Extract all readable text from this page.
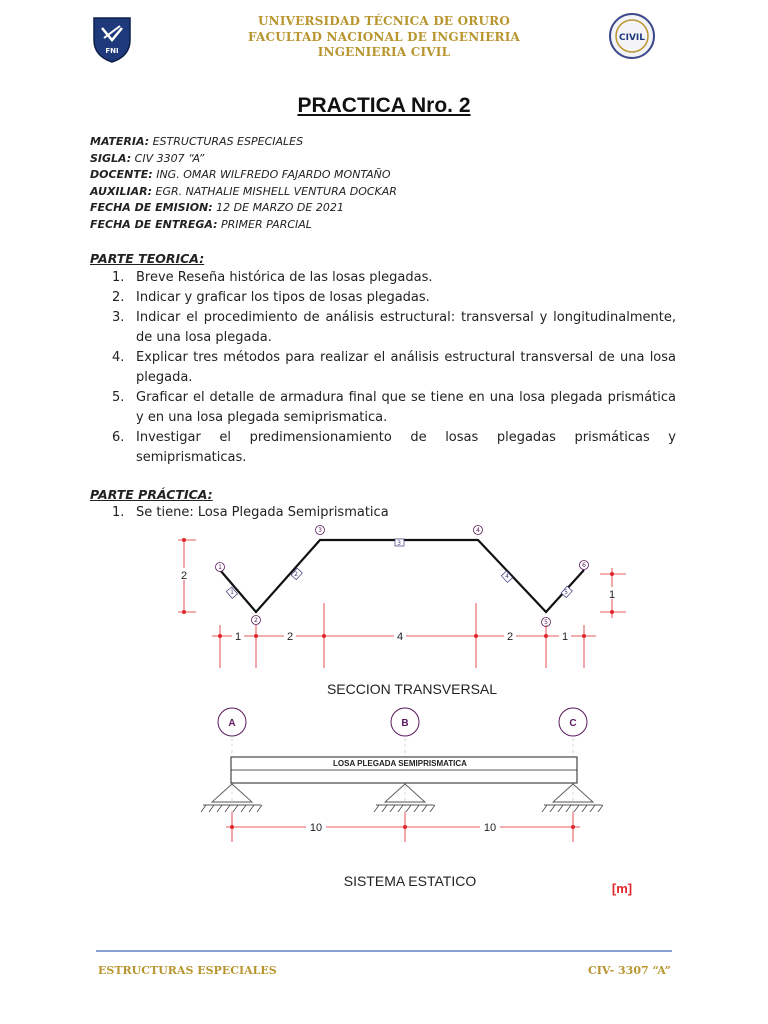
FNI
UNIVERSIDAD TÉCNICA DE ORURO
FACULTAD NACIONAL DE INGENIERIA
INGENIERIA CIVIL
CIVIL
PRACTICA Nro. 2
MATERIA: ESTRUCTURAS ESPECIALES
SIGLA: CIV 3307 “A”
DOCENTE: ING. OMAR WILFREDO FAJARDO MONTAÑO
AUXILIAR: EGR. NATHALIE MISHELL VENTURA DOCKAR
FECHA DE EMISION: 12 DE MARZO DE 2021
FECHA DE ENTREGA: PRIMER PARCIAL
PARTE TEORICA:
1. Breve Reseña histórica de las losas plegadas.
2. Indicar y graficar los tipos de losas plegadas.
3. Indicar el procedimiento de análisis estructural: transversal y longitudinalmente, de una losa plegada.
4. Explicar tres métodos para realizar el análisis estructural transversal de una losa plegada.
5. Graficar el detalle de armadura final que se tiene en una losa plegada prismática y en una losa plegada semiprismatica.
6. Investigar el predimensionamiento de losas plegadas prismáticas y semiprismaticas.
PARTE PRÁCTICA:
1. Se tiene: Losa Plegada Semiprismatica
1
2
3	4
5
6
1
2
3
4
5
2
1
1	2	4	2	1
SECCION TRANSVERSAL
A	B	C
LOSA PLEGADA SEMIPRISMATICA
10	10
SISTEMA ESTATICO	[m]
ESTRUCTURAS ESPECIALES	CIV- 3307 “A”
